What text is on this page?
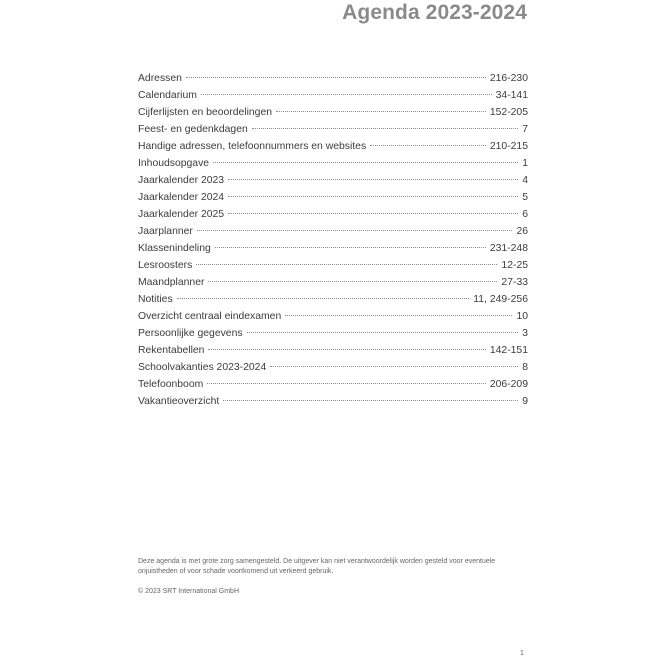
Agenda 2023-2024
Adressen	216-230
Calendarium	34-141
Cijferlijsten en beoordelingen	152-205
Feest- en gedenkdagen	7
Handige adressen, telefoonnummers en websites	210-215
Inhoudsopgave	1
Jaarkalender 2023	4
Jaarkalender 2024	5
Jaarkalender 2025	6
Jaarplanner	26
Klassenindeling	231-248
Lesroosters	12-25
Maandplanner	27-33
Notities	11, 249-256
Overzicht centraal eindexamen	10
Persoonlijke gegevens	3
Rekentabellen	142-151
Schoolvakanties 2023-2024	8
Telefoonboom	206-209
Vakantieoverzicht	9
Deze agenda is met grote zorg samengesteld. De uitgever kan niet verantwoordelijk worden gesteld voor eventuele onjuistheden of voor schade voortkomend uit verkeerd gebruik.
© 2023 SRT International GmbH
1
